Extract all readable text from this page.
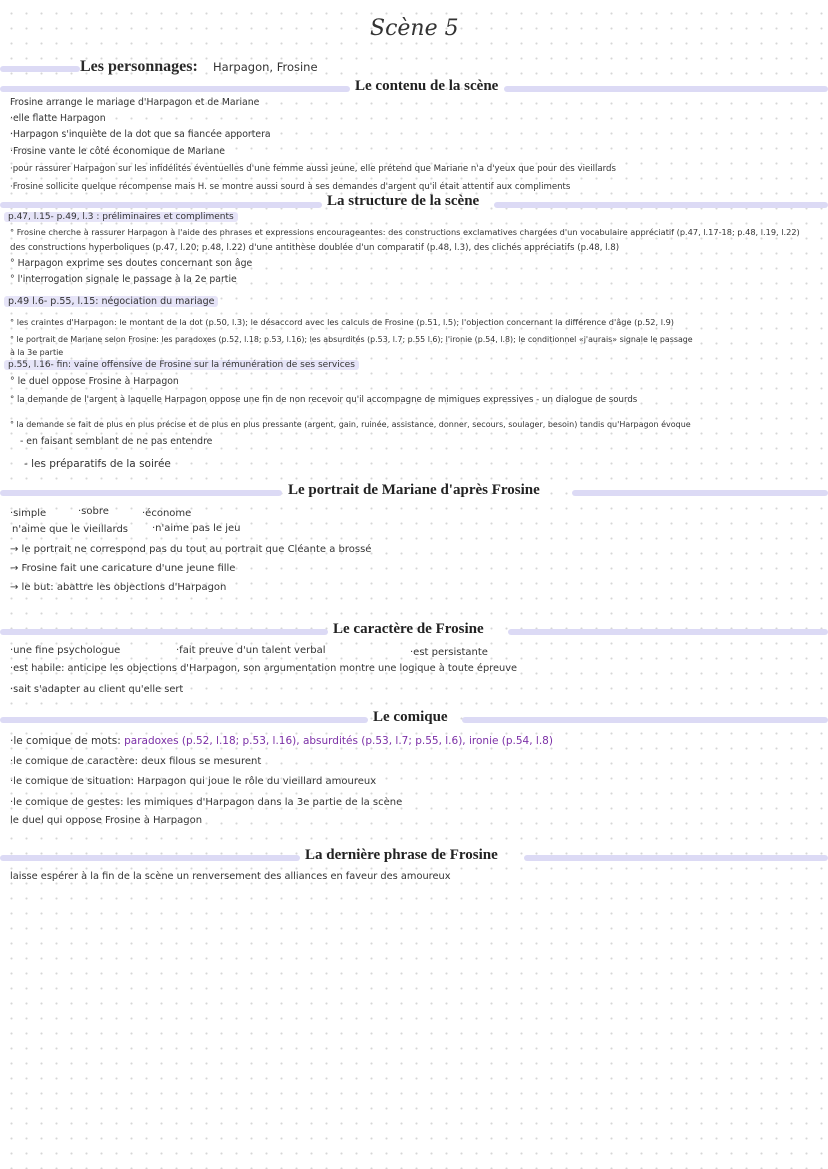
Scène 5
Les personnages: Harpagon, Frosine
Le contenu de la scène
Frosine arrange le mariage d'Harpagon et de Mariane
·elle flatte Harpagon
·Harpagon s'inquiète de la dot que sa fiancée apportera
·Frosine vante le côté économique de Mariane
·pour rassurer Harpagon sur les infidélités éventuelles d'une femme aussi jeune, elle prétend que Mariane n'a d'yeux que pour des vieillards
·Frosine sollicite quelque récompense mais H. se montre aussi sourd à ses demandes d'argent qu'il était attentif aux compliments
La structure de la scène
p.47, l.15- p.49, l.3 : préliminaires et compliments
° Frosine cherche à rassurer Harpagon à l'aide des phrases et expressions encourageantes: des constructions exclamatives chargées d'un vocabulaire appréciatif (p.47, l.17-18; p.48, l.19, l.22)
des constructions hyperboliques (p.47, l.20; p.48, l.22) d'une antithèse doublée d'un comparatif (p.48, l.3), des clichés appréciatifs (p.48, l.8)
° Harpagon exprime ses doutes concernant son âge
° l'interrogation signale le passage à la 2e partie
p.49 l.6- p.55, l.15: négociation du mariage
° les craintes d'Harpagon: le montant de la dot (p.50, l.3); le désaccord avec les calculs de Frosine (p.51, l.5); l'objection concernant la différence d'âge (p.52, l.9)
° le portrait de Mariane selon Frosine: les paradoxes (p.52, l.18; p.53, l.16); les absurdités (p.53, l.7; p.55 l.6); l'ironie (p.54, l.8); le conditionnel «j'aurais» signale le passage
à la 3e partie
p.55, l.16- fin: vaine offensive de Frosine sur la rémunération de ses services
° le duel oppose Frosine à Harpagon
° la demande de l'argent à laquelle Harpagon oppose une fin de non recevoir qu'il accompagne de mimiques expressives - un dialogue de sourds
° la demande se fait de plus en plus précise et de plus en plus pressante (argent, gain, ruinée, assistance, donner, secours, soulager, besoin) tandis qu'Harpagon évoque
- en faisant semblant de ne pas entendre
- les préparatifs de la soirée
Le portrait de Mariane d'après Frosine
·simple	·sobre	·économe
n'aime que le vieillards ·n'aime pas le jeu
→ le portrait ne correspond pas du tout au portrait que Cléante a brossé
→ Frosine fait une caricature d'une jeune fille
→ le but: abattre les objections d'Harpagon
Le caractère de Frosine
·une fine psychologue	·fait preuve d'un talent verbal	·est persistante
·est habile: anticipe les objections d'Harpagon, son argumentation montre une logique à toute épreuve
·sait s'adapter au client qu'elle sert
Le comique
·le comique de mots: paradoxes (p.52, l.18; p.53, l.16), absurdités (p.53, l.7; p.55, l.6), ironie (p.54, l.8)
·le comique de caractère: deux filous se mesurent
·le comique de situation: Harpagon qui joue le rôle du vieillard amoureux
·le comique de gestes: les mimiques d'Harpagon dans la 3e partie de la scène
le duel qui oppose Frosine à Harpagon
La dernière phrase de Frosine
laisse espérer à la fin de la scène un renversement des alliances en faveur des amoureux
